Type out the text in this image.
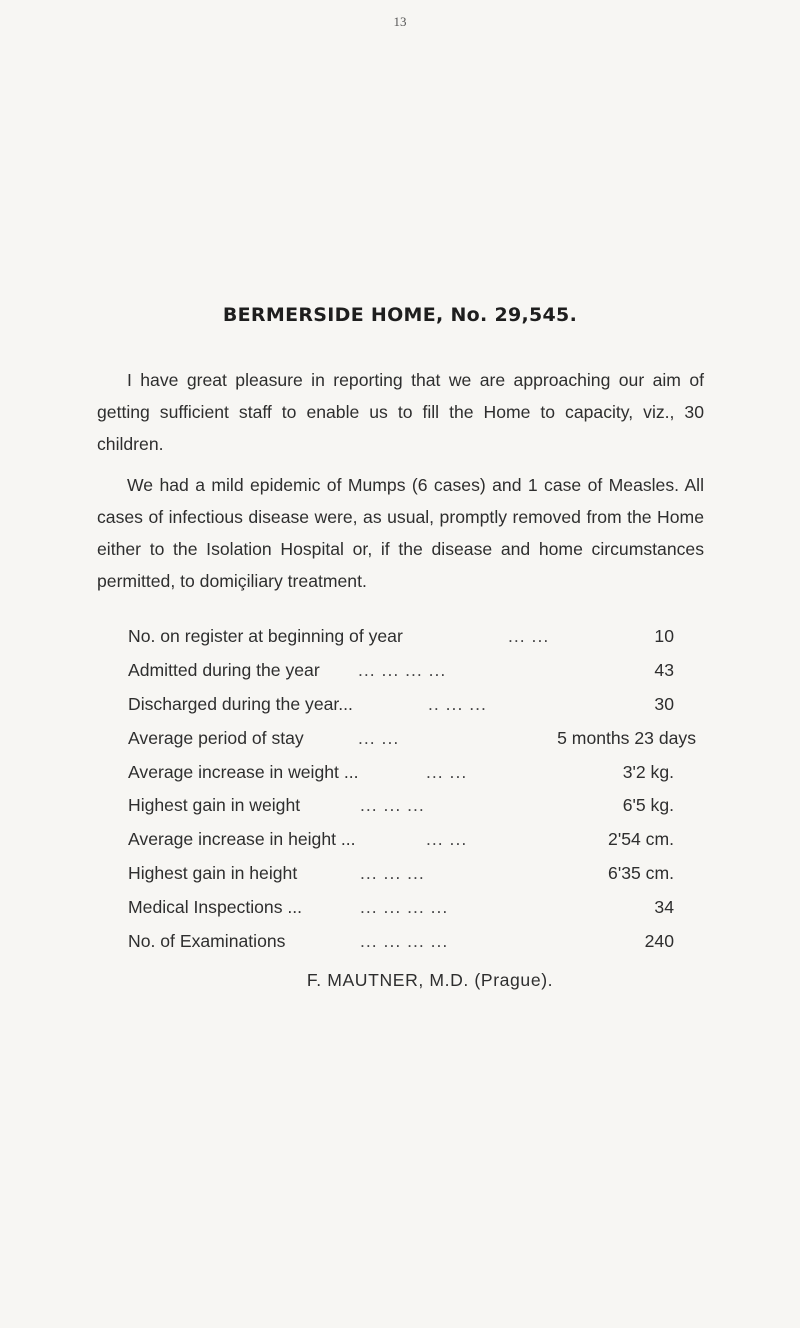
13
BERMERSIDE HOME, No. 29,545.
I have great pleasure in reporting that we are approaching our aim of getting sufficient staff to enable us to fill the Home to capacity, viz., 30 children.
We had a mild epidemic of Mumps (6 cases) and 1 case of Measles. All cases of infectious disease were, as usual, promptly removed from the Home either to the Isolation Hospital or, if the disease and home circumstances permitted, to domiçiliary treatment.
No. on register at beginning of year	... ...	10
Admitted during the year ... ... ... ...	43
Discharged during the year...	.. ... ...	30
Average period of stay	... ...	5 months 23 days
Average increase in weight ...	... ...	3'2 kg.
Highest gain in weight	... ... ...	6'5 kg.
Average increase in height ...	... ...	2'54 cm.
Highest gain in height	... ... ...	6'35 cm.
Medical Inspections ...	... ... ... ...	34
No. of Examinations	... ... ... ...	240
F. MAUTNER, M.D. (Prague).
